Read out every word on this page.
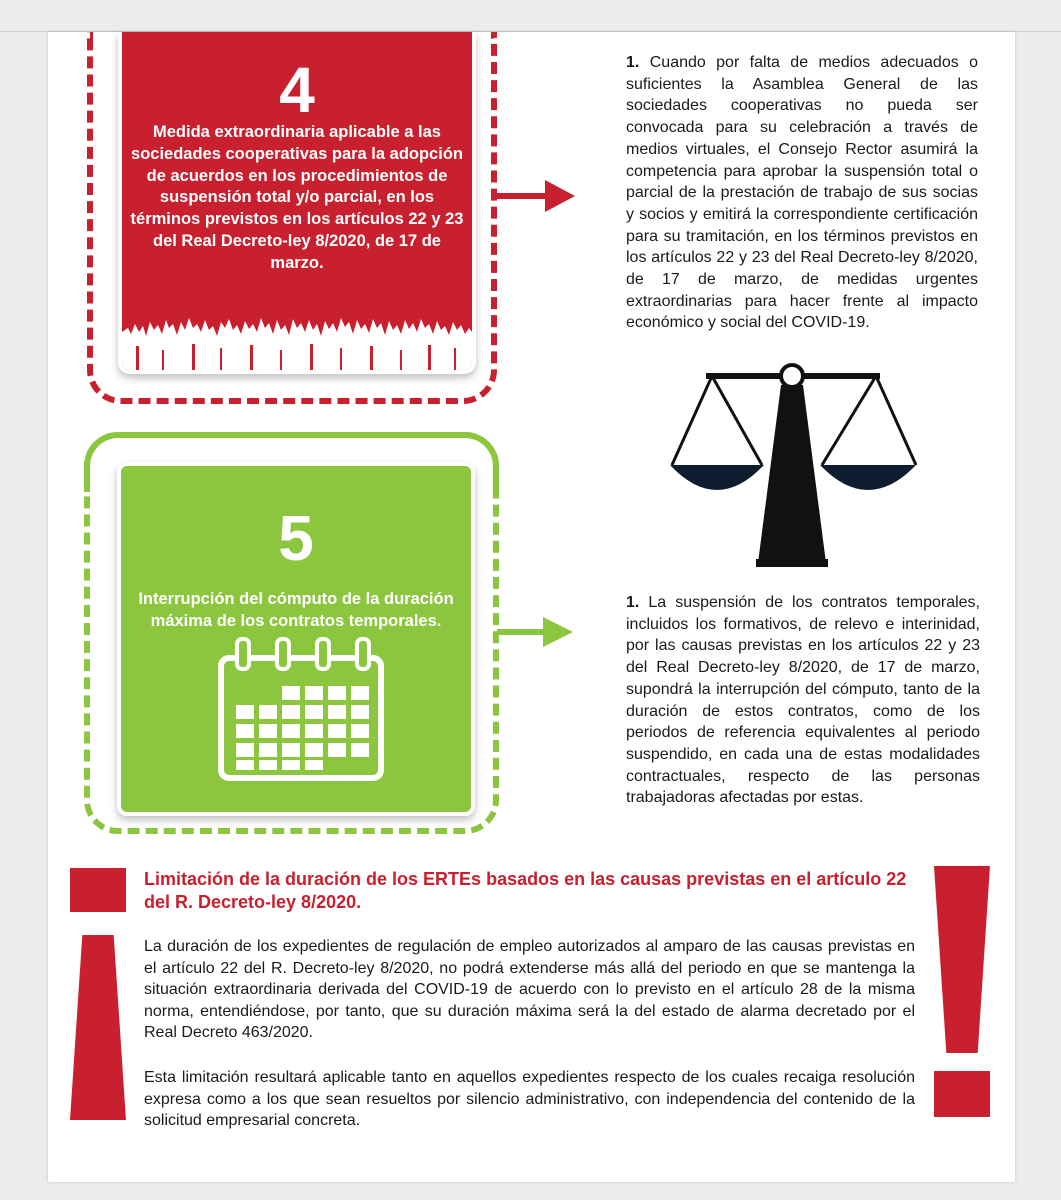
4
Medida extraordinaria aplicable a las sociedades cooperativas para la adopción de acuerdos en los procedimientos de suspensión total y/o parcial, en los términos previstos en los artículos 22 y 23 del Real Decreto-ley 8/2020, de 17 de marzo.

1. Cuando por falta de medios adecuados o suficientes la Asamblea General de las sociedades cooperativas no pueda ser convocada para su celebración a través de medios virtuales, el Consejo Rector asumirá la competencia para aprobar la suspensión total o parcial de la prestación de trabajo de sus socias y socios y emitirá la correspondiente certificación para su tramitación, en los términos previstos en los artículos 22 y 23 del Real Decreto-ley 8/2020, de 17 de marzo, de medidas urgentes extraordinarias para hacer frente al impacto económico y social del COVID-19.

5
Interrupción del cómputo de la duración máxima de los contratos temporales.

1. La suspensión de los contratos temporales, incluidos los formativos, de relevo e interinidad, por las causas previstas en los artículos 22 y 23 del Real Decreto-ley 8/2020, de 17 de marzo, supondrá la interrupción del cómputo, tanto de la duración de estos contratos, como de los periodos de referencia equivalentes al periodo suspendido, en cada una de estas modalidades contractuales, respecto de las personas trabajadoras afectadas por estas.

Limitación de la duración de los ERTEs basados en las causas previstas en el artículo 22 del R. Decreto-ley 8/2020.

La duración de los expedientes de regulación de empleo autorizados al amparo de las causas previstas en el artículo 22 del R. Decreto-ley 8/2020, no podrá extenderse más allá del periodo en que se mantenga la situación extraordinaria derivada del COVID-19 de acuerdo con lo previsto en el artículo 28 de la misma norma, entendiéndose, por tanto, que su duración máxima será la del estado de alarma decretado por el Real Decreto 463/2020.

Esta limitación resultará aplicable tanto en aquellos expedientes respecto de los cuales recaiga resolución expresa como a los que sean resueltos por silencio administrativo, con independencia del contenido de la solicitud empresarial concreta.
